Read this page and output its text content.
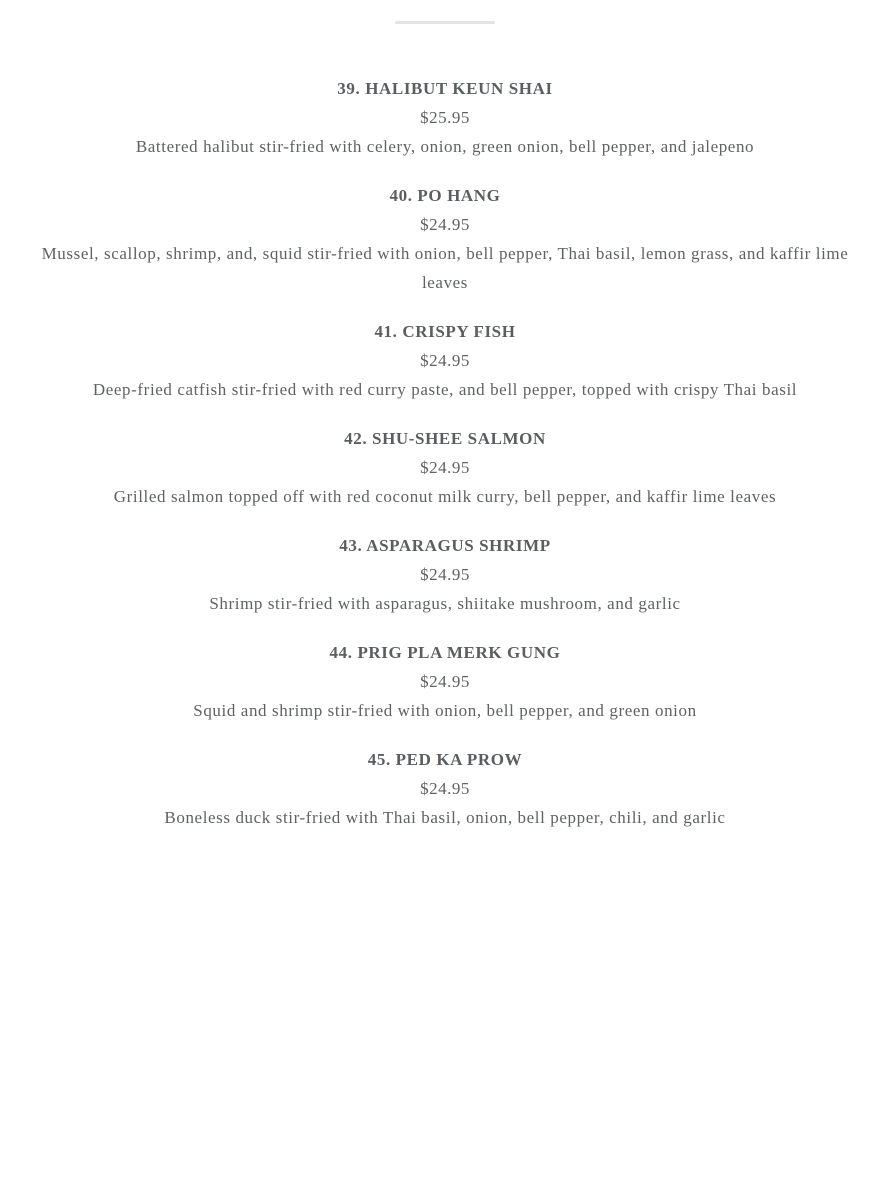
39. HALIBUT KEUN SHAI
$25.95
Battered halibut stir-fried with celery, onion, green onion, bell pepper, and jalepeno
40. PO HANG
$24.95
Mussel, scallop, shrimp, and, squid stir-fried with onion, bell pepper, Thai basil, lemon grass, and kaffir lime leaves
41. CRISPY FISH
$24.95
Deep-fried catfish stir-fried with red curry paste, and bell pepper, topped with crispy Thai basil
42. SHU-SHEE SALMON
$24.95
Grilled salmon topped off with red coconut milk curry, bell pepper, and kaffir lime leaves
43. ASPARAGUS SHRIMP
$24.95
Shrimp stir-fried with asparagus, shiitake mushroom, and garlic
44. PRIG PLA MERK GUNG
$24.95
Squid and shrimp stir-fried with onion, bell pepper, and green onion
45. PED KA PROW
$24.95
Boneless duck stir-fried with Thai basil, onion, bell pepper, chili, and garlic
